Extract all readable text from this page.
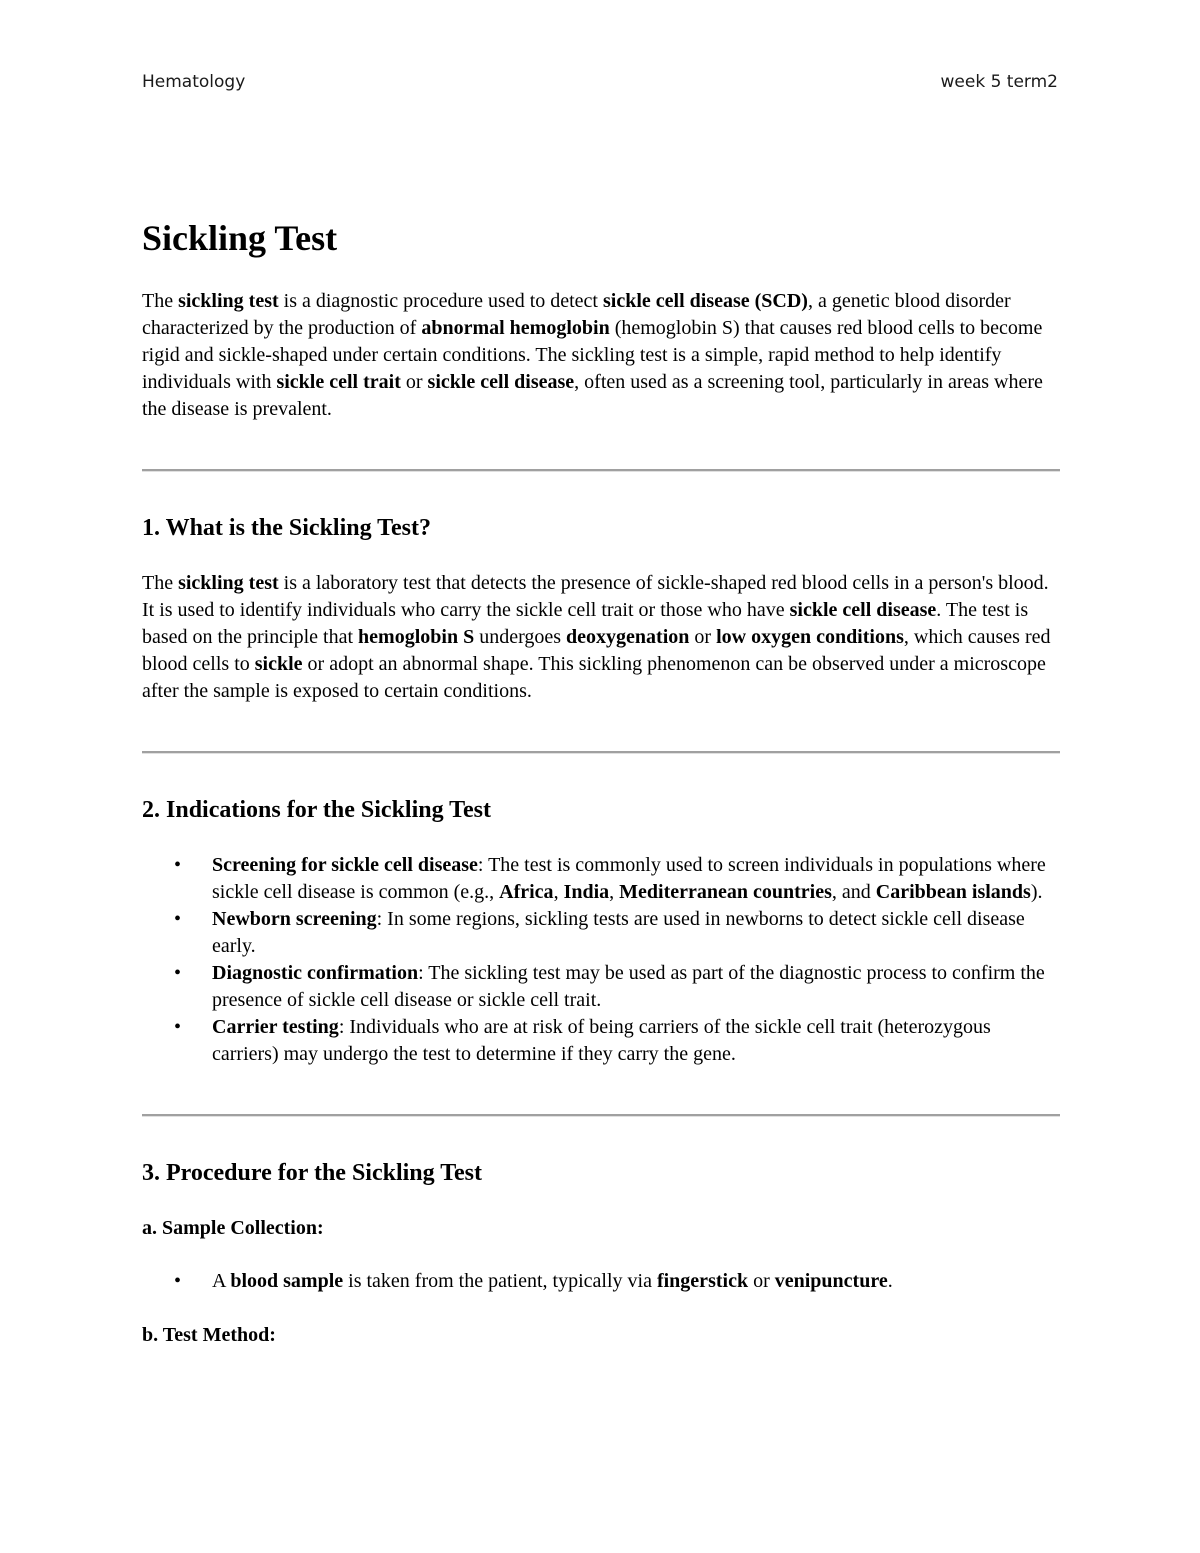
Hematology	week 5 term2
Sickling Test

The sickling test is a diagnostic procedure used to detect sickle cell disease (SCD), a genetic blood disorder characterized by the production of abnormal hemoglobin (hemoglobin S) that causes red blood cells to become rigid and sickle-shaped under certain conditions. The sickling test is a simple, rapid method to help identify individuals with sickle cell trait or sickle cell disease, often used as a screening tool, particularly in areas where the disease is prevalent.

1. What is the Sickling Test?

The sickling test is a laboratory test that detects the presence of sickle-shaped red blood cells in a person's blood. It is used to identify individuals who carry the sickle cell trait or those who have sickle cell disease. The test is based on the principle that hemoglobin S undergoes deoxygenation or low oxygen conditions, which causes red blood cells to sickle or adopt an abnormal shape. This sickling phenomenon can be observed under a microscope after the sample is exposed to certain conditions.

2. Indications for the Sickling Test
• Screening for sickle cell disease: The test is commonly used to screen individuals in populations where sickle cell disease is common (e.g., Africa, India, Mediterranean countries, and Caribbean islands).
• Newborn screening: In some regions, sickling tests are used in newborns to detect sickle cell disease early.
• Diagnostic confirmation: The sickling test may be used as part of the diagnostic process to confirm the presence of sickle cell disease or sickle cell trait.
• Carrier testing: Individuals who are at risk of being carriers of the sickle cell trait (heterozygous carriers) may undergo the test to determine if they carry the gene.
3. Procedure for the Sickling Test
a. Sample Collection:
• A blood sample is taken from the patient, typically via fingerstick or venipuncture.
b. Test Method:
